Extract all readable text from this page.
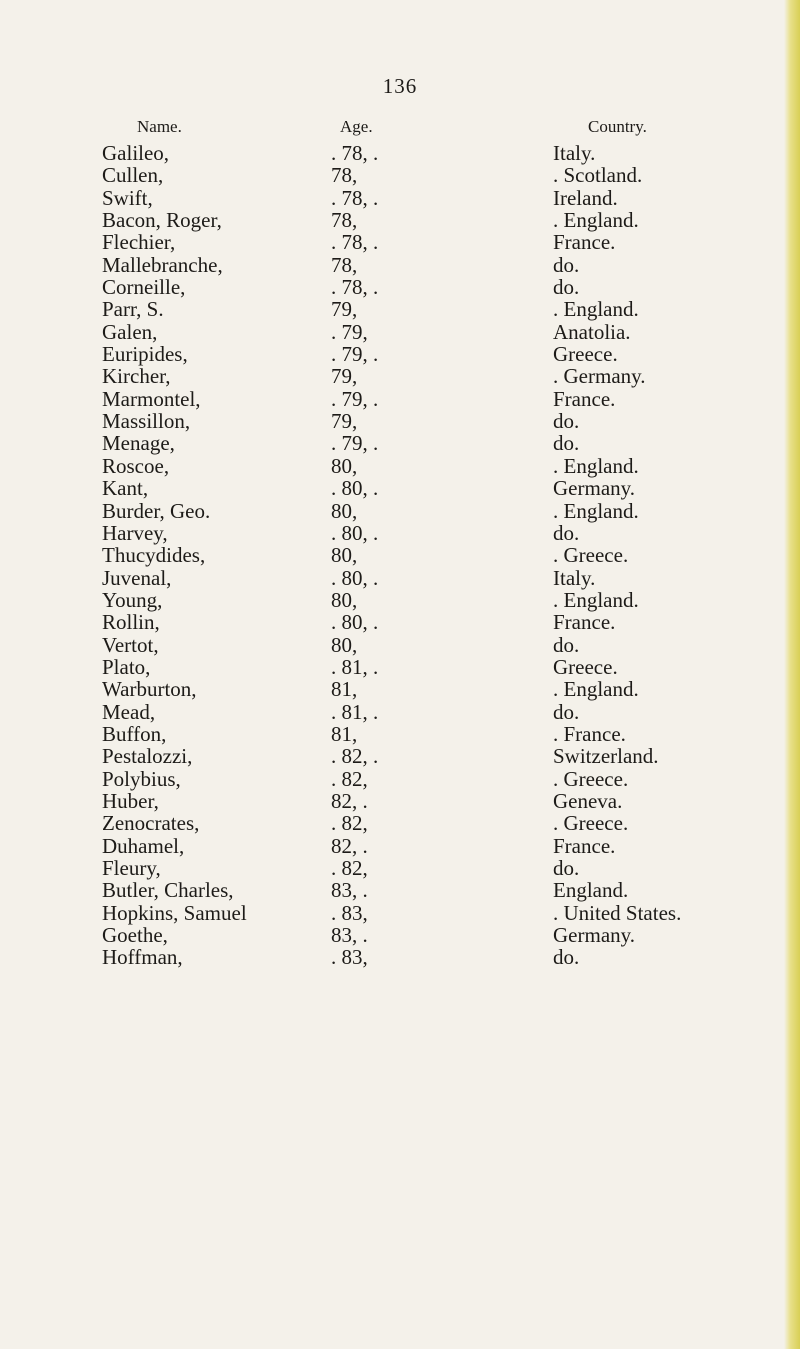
136
Name.	Age.	Country.
Galileo,	. 78, .	Italy.
Cullen,	78,	. Scotland.
Swift,	. 78, .	Ireland.
Bacon, Roger,	78,	. England.
Flechier,	. 78, .	France.
Mallebranche,	78,	do.
Corneille,	. 78, .	do.
Parr, S.	79,	. England.
Galen,	. 79,	Anatolia.
Euripides,	. 79, .	Greece.
Kircher,	79,	. Germany.
Marmontel,	. 79, .	France.
Massillon,	79,	do.
Menage,	. 79, .	do.
Roscoe,	80,	. England.
Kant,	. 80, .	Germany.
Burder, Geo.	80,	. England.
Harvey,	. 80, .	do.
Thucydides,	80,	. Greece.
Juvenal,	. 80, .	Italy.
Young,	80,	. England.
Rollin,	. 80, .	France.
Vertot,	80,	do.
Plato,	. 81, .	Greece.
Warburton,	81,	. England.
Mead,	. 81, .	do.
Buffon,	81,	. France.
Pestalozzi,	. 82, .	Switzerland.
Polybius,	. 82,	. Greece.
Huber,	82, .	Geneva.
Zenocrates,	. 82,	. Greece.
Duhamel,	82, .	France.
Fleury,	. 82,	do.
Butler, Charles,	83, .	England.
Hopkins, Samuel	. 83,	. United States.
Goethe,	83, .	Germany.
Hoffman,	. 83,	do.
